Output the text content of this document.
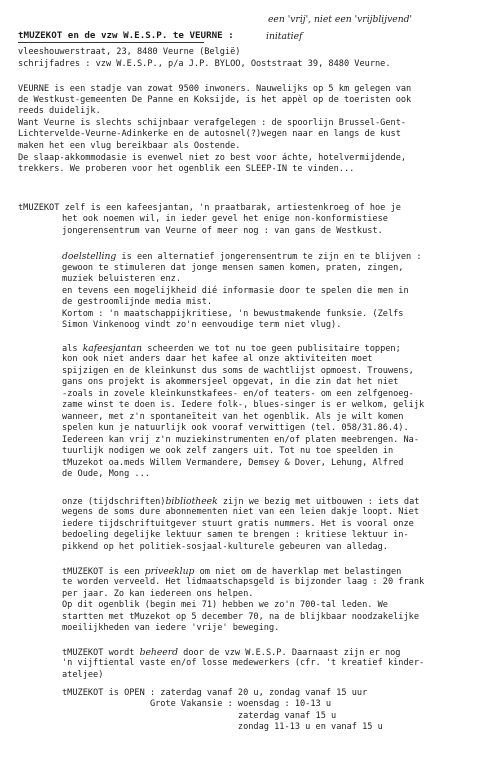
tMUZEKOT en de vzw W.E.S.P. te VEURNE :
een 'vrij', niet een 'vrijblijvend'
initatief
vleeshouwerstraat, 23, 8480 Veurne (België)
schrijfadres : vzw W.E.S.P., p/a J.P. BYLOO, Ooststraat 39, 8480 Veurne.
VEURNE is een stadje van zowat 9500 inwoners. Nauwelijks op 5 km gelegen van
de Westkust-gemeenten De Panne en Koksijde, is het appèl op de toeristen ook
reeds duidelijk.
Want Veurne is slechts schijnbaar verafgelegen : de spoorlijn Brussel-Gent-
Lichtervelde-Veurne-Adinkerke en de autosnel(?)wegen naar en langs de kust
maken het een vlug bereikbaar als Oostende.
De slaap-akkommodasie is evenwel niet zo best voor áchte, hotelvermijdende,
trekkers. We proberen voor het ogenblik een SLEEP-IN te vinden...
tMUZEKOT zelf is een kafeesjantan, 'n praatbarak, artiestenkroeg of hoe je
het ook noemen wil, in ieder gevel het enige non-konformistiese
jongerensentrum van Veurne of meer nog : van gans de Westkust.
doelstelling is een alternatief jongerensentrum te zijn en te blijven :
gewoon te stimuleren dat jonge mensen samen komen, praten, zingen,
muziek beluisteren enz.
en tevens een mogelijkheid dié informasie door te spelen die men in
de gestroomlijnde media mist.
Kortom : 'n maatschappijkritiese, 'n bewustmakende funksie. (Zelfs
Simon Vinkenoog vindt zo'n eenvoudige term niet vlug).
als kafeesjantan scheerden we tot nu toe geen publisitaire toppen;
kon ook niet anders daar het kafee al onze aktiviteiten moet
spijzigen en de kleinkunst dus soms de wachtlijst opmoest. Trouwens,
gans ons projekt is akommersjeel opgevat, in die zin dat het niet
-zoals in zovele kleinkunstkafees- en/of teaters- om een zelfgenoeg-
zame winst te doen is. Iedere folk-, blues-singer is er welkom, gelijk
wanneer, met z'n spontaneïteit van het ogenblik. Als je wilt komen
spelen kun je natuurlijk ook vooraf verwittigen (tel. 058/31.86.4).
Iedereen kan vrij z'n muziekinstrumenten en/of platen meebrengen. Na-
tuurlijk nodigen we ook zelf zangers uit. Tot nu toe speelden in
tMuzekot oa.meds Willem Vermandere, Demsey & Dover, Lehung, Alfred
de Oude, Mong ...
onze (tijdschriften)bibliotheek zijn we bezig met uitbouwen : iets dat
wegens de soms dure abonnementen niet van een leien dakje loopt. Niet
iedere tijdschriftuitgever stuurt gratis nummers. Het is vooral onze
bedoeling degelijke lektuur samen te brengen : kritiese lektuur in-
pikkend op het politiek-sosjaal-kulturele gebeuren van alledag.
tMUZEKOT is een priveeklup om niet om de haverklap met belastingen
te worden verveeld. Het lidmaatschapsgeld is bijzonder laag : 20 frank
per jaar. Zo kan iedereen ons helpen.
Op dit ogenblik (begin mei 71) hebben we zo'n 700-tal leden. We
startten met tMuzekot op 5 december 70, na de blijkbaar noodzakelijke
moeilijkheden van iedere 'vrije' beweging.
tMUZEKOT wordt beheerd door de vzw W.E.S.P. Daarnaast zijn er nog
'n vijftiental vaste en/of losse medewerkers (cfr. 't kreatief kinder-
ateljee)
tMUZEKOT is OPEN : zaterdag vanaf 20 u, zondag vanaf 15 uur
Grote Vakansie : woensdag : 10-13 u
zaterdag vanaf 15 u
zondag 11-13 u en vanaf 15 u
